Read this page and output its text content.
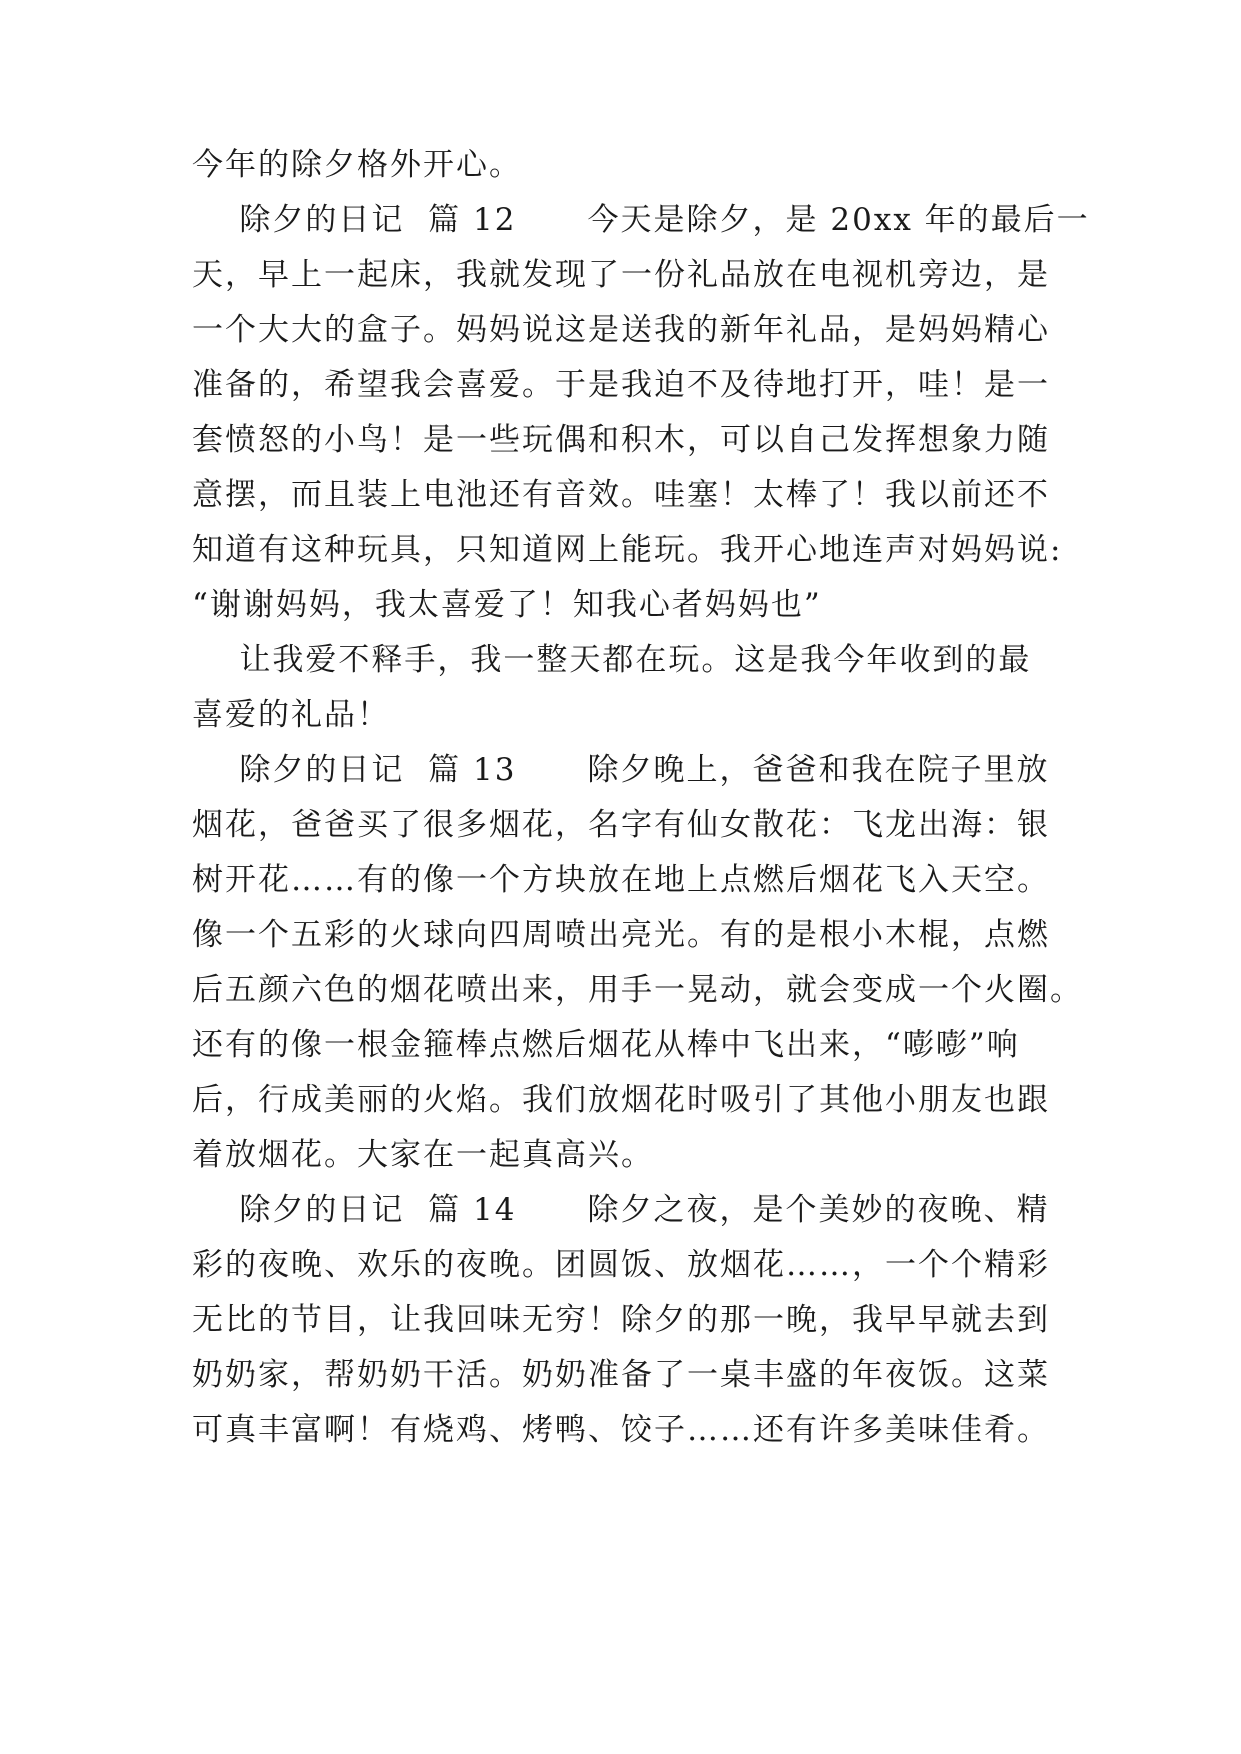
今年的除夕格外开心。
除夕的日记  篇 12      今天是除夕，是 20xx 年的最后一
天，早上一起床，我就发现了一份礼品放在电视机旁边，是
一个大大的盒子。妈妈说这是送我的新年礼品，是妈妈精心
准备的，希望我会喜爱。于是我迫不及待地打开，哇！是一
套愤怒的小鸟！是一些玩偶和积木，可以自己发挥想象力随
意摆，而且装上电池还有音效。哇塞！太棒了！我以前还不
知道有这种玩具，只知道网上能玩。我开心地连声对妈妈说:
“谢谢妈妈，我太喜爱了！知我心者妈妈也”
让我爱不释手，我一整天都在玩。这是我今年收到的最
喜爱的礼品！
除夕的日记  篇 13      除夕晚上，爸爸和我在院子里放
烟花，爸爸买了很多烟花，名字有仙女散花：飞龙出海：银
树开花……有的像一个方块放在地上点燃后烟花飞入天空。
像一个五彩的火球向四周喷出亮光。有的是根小木棍，点燃
后五颜六色的烟花喷出来，用手一晃动，就会变成一个火圈。
还有的像一根金箍棒点燃后烟花从棒中飞出来，“嘭嘭”响
后，行成美丽的火焰。我们放烟花时吸引了其他小朋友也跟
着放烟花。大家在一起真高兴。
除夕的日记  篇 14      除夕之夜，是个美妙的夜晚、精
彩的夜晚、欢乐的夜晚。团圆饭、放烟花……，一个个精彩
无比的节目，让我回味无穷！除夕的那一晚，我早早就去到
奶奶家，帮奶奶干活。奶奶准备了一桌丰盛的年夜饭。这菜
可真丰富啊！有烧鸡、烤鸭、饺子……还有许多美味佳肴。
